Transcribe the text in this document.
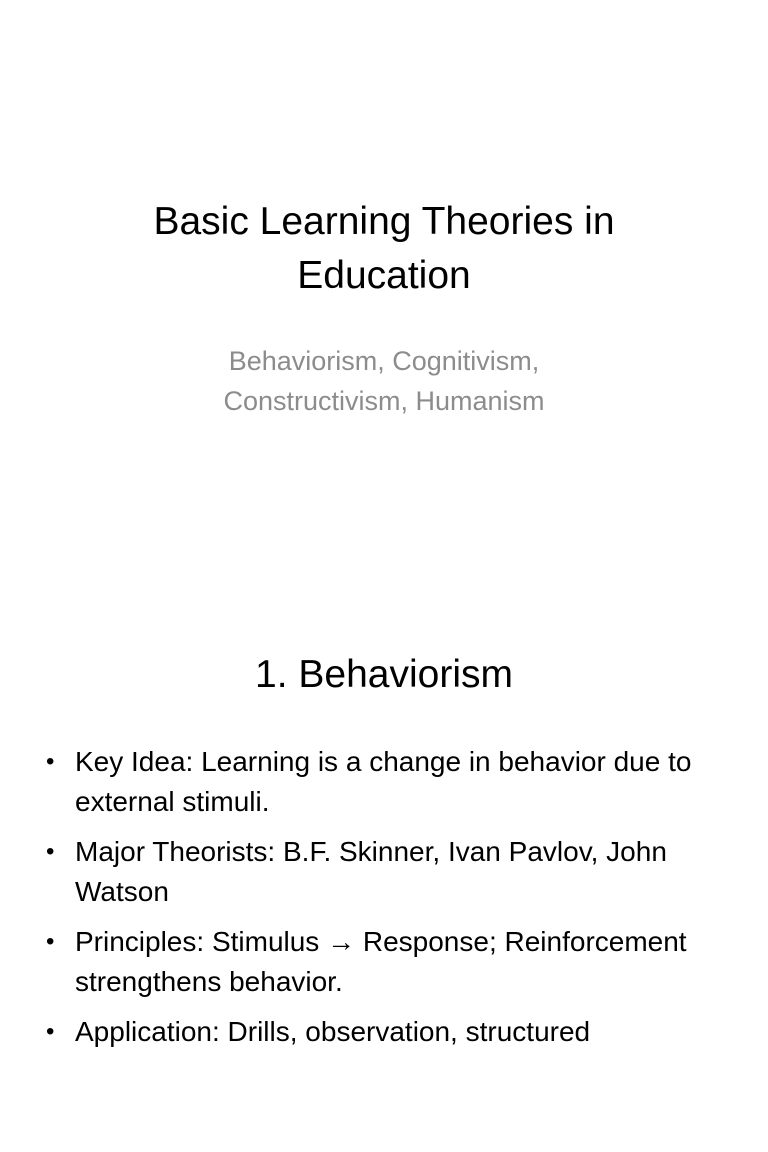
Basic Learning Theories in
Education
Behaviorism, Cognitivism,
Constructivism, Humanism
1. Behaviorism
• Key Idea: Learning is a change in behavior due to external stimuli.
• Major Theorists: B.F. Skinner, Ivan Pavlov, John Watson
• Principles: Stimulus → Response; Reinforcement strengthens behavior.
• Application: Drills, observation, structured
